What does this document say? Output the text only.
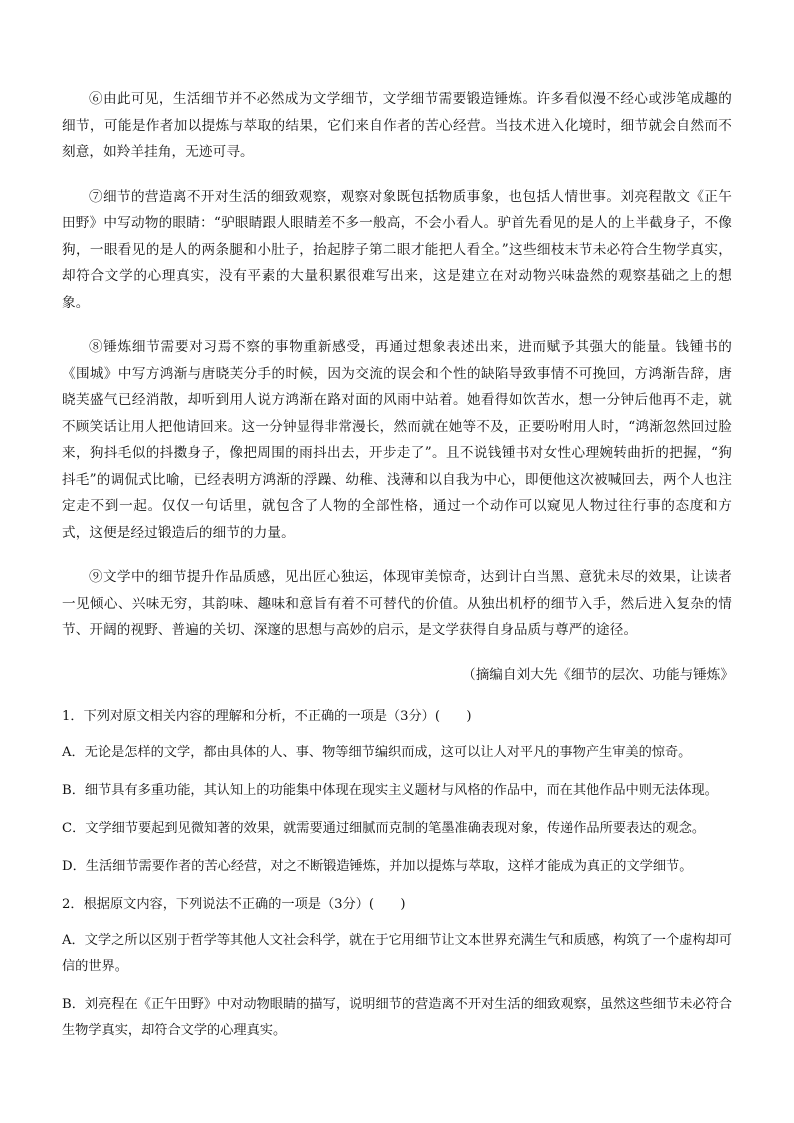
⑥由此可见，生活细节并不必然成为文学细节，文学细节需要锻造锤炼。许多看似漫不经心或涉笔成趣的细节，可能是作者加以提炼与萃取的结果，它们来自作者的苦心经营。当技术进入化境时，细节就会自然而不刻意，如羚羊挂角，无迹可寻。

⑦细节的营造离不开对生活的细致观察，观察对象既包括物质事象，也包括人情世事。刘亮程散文《正午田野》中写动物的眼睛：“驴眼睛跟人眼睛差不多一般高，不会小看人。驴首先看见的是人的上半截身子，不像狗，一眼看见的是人的两条腿和小肚子，抬起脖子第二眼才能把人看全。”这些细枝末节未必符合生物学真实，却符合文学的心理真实，没有平素的大量积累很难写出来，这是建立在对动物兴味盎然的观察基础之上的想象。

⑧锤炼细节需要对习焉不察的事物重新感受，再通过想象表述出来，进而赋予其强大的能量。钱锺书的《围城》中写方鸿渐与唐晓芙分手的时候，因为交流的误会和个性的缺陷导致事情不可挽回，方鸿渐告辞，唐晓芙盛气已经消散，却听到用人说方鸿渐在路对面的风雨中站着。她看得如饮苦水，想一分钟后他再不走，就不顾笑话让用人把他请回来。这一分钟显得非常漫长，然而就在她等不及，正要吩咐用人时，“鸿渐忽然回过脸来，狗抖毛似的抖擞身子，像把周围的雨抖出去，开步走了”。且不说钱锺书对女性心理婉转曲折的把握，“狗抖毛”的调侃式比喻，已经表明方鸿渐的浮躁、幼稚、浅薄和以自我为中心，即便他这次被喊回去，两个人也注定走不到一起。仅仅一句话里，就包含了人物的全部性格，通过一个动作可以窥见人物过往行事的态度和方式，这便是经过锻造后的细节的力量。

⑨文学中的细节提升作品质感，见出匠心独运，体现审美惊奇，达到计白当黑、意犹未尽的效果，让读者一见倾心、兴味无穷，其韵味、趣味和意旨有着不可替代的价值。从独出机杼的细节入手，然后进入复杂的情节、开阔的视野、普遍的关切、深邃的思想与高妙的启示，是文学获得自身品质与尊严的途径。

（摘编自刘大先《细节的层次、功能与锤炼》

1．下列对原文相关内容的理解和分析，不正确的一项是（3分）(　　)

A．无论是怎样的文学，都由具体的人、事、物等细节编织而成，这可以让人对平凡的事物产生审美的惊奇。

B．细节具有多重功能，其认知上的功能集中体现在现实主义题材与风格的作品中，而在其他作品中则无法体现。

C．文学细节要起到见微知著的效果，就需要通过细腻而克制的笔墨准确表现对象，传递作品所要表达的观念。

D．生活细节需要作者的苦心经营，对之不断锻造锤炼，并加以提炼与萃取，这样才能成为真正的文学细节。

2．根据原文内容，下列说法不正确的一项是（3分）(　　)

A．文学之所以区别于哲学等其他人文社会科学，就在于它用细节让文本世界充满生气和质感，构筑了一个虚构却可信的世界。

B．刘亮程在《正午田野》中对动物眼睛的描写，说明细节的营造离不开对生活的细致观察，虽然这些细节未必符合生物学真实，却符合文学的心理真实。
